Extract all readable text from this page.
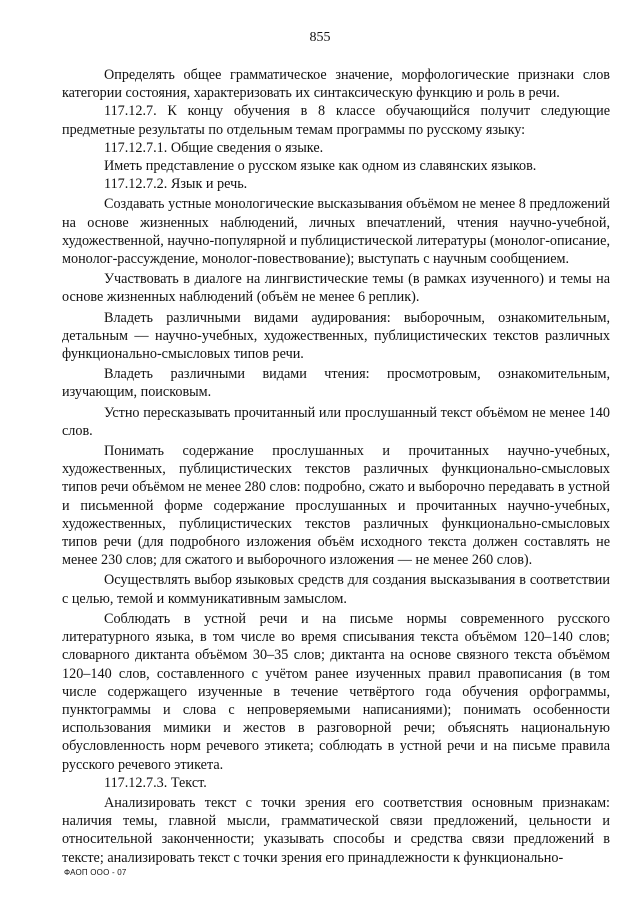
855

Определять общее грамматическое значение, морфологические признаки слов категории состояния, характеризовать их синтаксическую функцию и роль в речи.

117.12.7. К концу обучения в 8 классе обучающийся получит следующие предметные результаты по отдельным темам программы по русскому языку:

117.12.7.1. Общие сведения о языке.

Иметь представление о русском языке как одном из славянских языков.

117.12.7.2. Язык и речь.

Создавать устные монологические высказывания объёмом не менее 8 предложений на основе жизненных наблюдений, личных впечатлений, чтения научно-учебной, художественной, научно-популярной и публицистической литературы (монолог-описание, монолог-рассуждение, монолог-повествование); выступать с научным сообщением.

Участвовать в диалоге на лингвистические темы (в рамках изученного) и темы на основе жизненных наблюдений (объём не менее 6 реплик).

Владеть различными видами аудирования: выборочным, ознакомительным, детальным — научно-учебных, художественных, публицистических текстов различных функционально-смысловых типов речи.

Владеть различными видами чтения: просмотровым, ознакомительным, изучающим, поисковым.

Устно пересказывать прочитанный или прослушанный текст объёмом не менее 140 слов.

Понимать содержание прослушанных и прочитанных научно-учебных, художественных, публицистических текстов различных функционально-смысловых типов речи объёмом не менее 280 слов: подробно, сжато и выборочно передавать в устной и письменной форме содержание прослушанных и прочитанных научно-учебных, художественных, публицистических текстов различных функционально-смысловых типов речи (для подробного изложения объём исходного текста должен составлять не менее 230 слов; для сжатого и выборочного изложения — не менее 260 слов).

Осуществлять выбор языковых средств для создания высказывания в соответствии с целью, темой и коммуникативным замыслом.

Соблюдать в устной речи и на письме нормы современного русского литературного языка, в том числе во время списывания текста объёмом 120–140 слов; словарного диктанта объёмом 30–35 слов; диктанта на основе связного текста объёмом 120–140 слов, составленного с учётом ранее изученных правил правописания (в том числе содержащего изученные в течение четвёртого года обучения орфограммы, пунктограммы и слова с непроверяемыми написаниями); понимать особенности использования мимики и жестов в разговорной речи; объяснять национальную обусловленность норм речевого этикета; соблюдать в устной речи и на письме правила русского речевого этикета.

117.12.7.3. Текст.

Анализировать текст с точки зрения его соответствия основным признакам: наличия темы, главной мысли, грамматической связи предложений, цельности и относительной законченности; указывать способы и средства связи предложений в тексте; анализировать текст с точки зрения его принадлежности к функционально-

ФАОП ООО - 07
